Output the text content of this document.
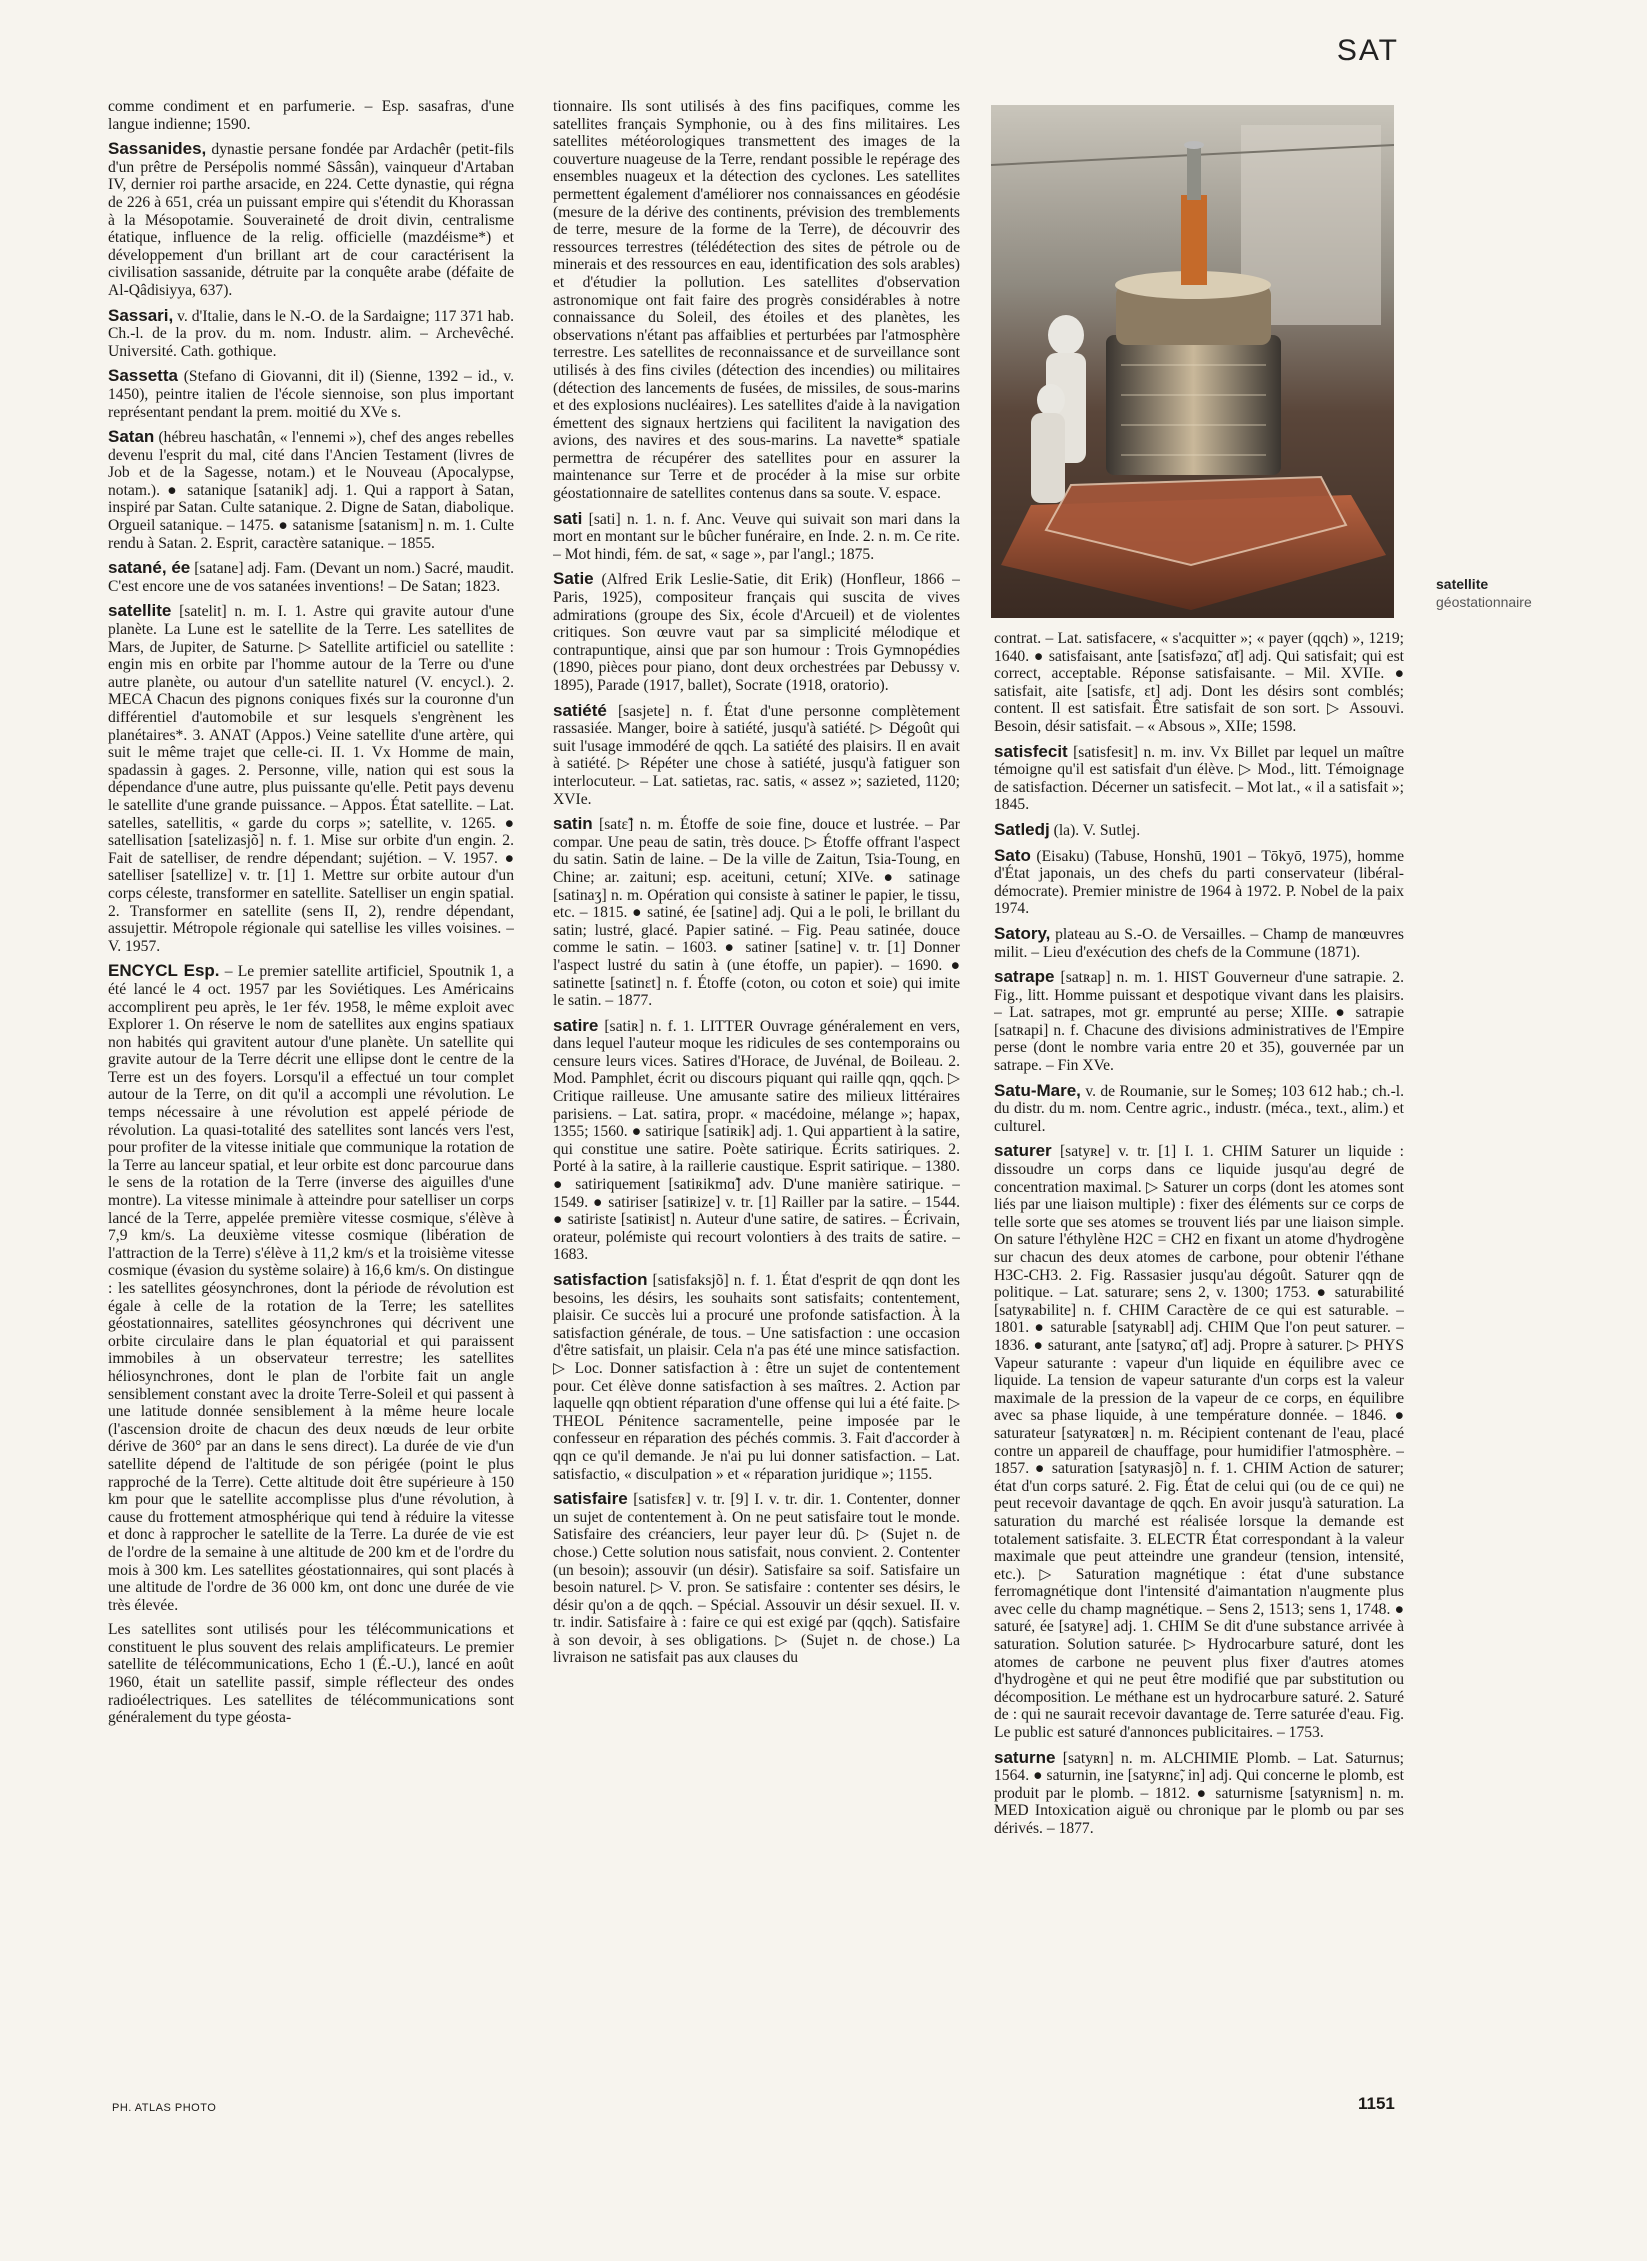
SAT

comme condiment et en parfumerie. – Esp. sasafras, d'une langue indienne; 1590.

Sassanides, dynastie persane fondée par Ardachêr (petit-fils d'un prêtre de Persépolis nommé Sâssân), vainqueur d'Artaban IV, dernier roi parthe arsacide, en 224. Cette dynastie, qui régna de 226 à 651, créa un puissant empire qui s'étendit du Khorassan à la Mésopotamie. Souveraineté de droit divin, centralisme étatique, influence de la relig. officielle (mazdéisme*) et développement d'un brillant art de cour caractérisent la civilisation sassanide, détruite par la conquête arabe (défaite de Al-Qâdisiyya, 637).

Sassari, v. d'Italie, dans le N.-O. de la Sardaigne; 117 371 hab. Ch.-l. de la prov. du m. nom. Industr. alim. – Archevêché. Université. Cath. gothique.

Sassetta (Stefano di Giovanni, dit il) (Sienne, 1392 – id., v. 1450), peintre italien de l'école siennoise, son plus important représentant pendant la prem. moitié du XVe s.

Satan (hébreu haschatân, « l'ennemi »), chef des anges rebelles devenu l'esprit du mal, cité dans l'Ancien Testament (livres de Job et de la Sagesse, notam.) et le Nouveau (Apocalypse, notam.). ● satanique [satanik] adj. 1. Qui a rapport à Satan, inspiré par Satan. Culte satanique. 2. Digne de Satan, diabolique. Orgueil satanique. – 1475. ● satanisme [satanism] n. m. 1. Culte rendu à Satan. 2. Esprit, caractère satanique. – 1855.

satané, ée [satane] adj. Fam. (Devant un nom.) Sacré, maudit. C'est encore une de vos satanées inventions! – De Satan; 1823.

satellite [satelit] n. m. I. 1. Astre qui gravite autour d'une planète. La Lune est le satellite de la Terre. Les satellites de Mars, de Jupiter, de Saturne. ▷ Satellite artificiel ou satellite : engin mis en orbite par l'homme autour de la Terre ou d'une autre planète, ou autour d'un satellite naturel (V. encycl.). 2. MECA Chacun des pignons coniques fixés sur la couronne d'un différentiel d'automobile et sur lesquels s'engrènent les planétaires*. 3. ANAT (Appos.) Veine satellite d'une artère, qui suit le même trajet que celle-ci. II. 1. Vx Homme de main, spadassin à gages. 2. Personne, ville, nation qui est sous la dépendance d'une autre, plus puissante qu'elle. Petit pays devenu le satellite d'une grande puissance. – Appos. État satellite. – Lat. satelles, satellitis, « garde du corps »; satellite, v. 1265. ● satellisation [satelizasjõ] n. f. 1. Mise sur orbite d'un engin. 2. Fait de satelliser, de rendre dépendant; sujétion. – V. 1957. ● satelliser [satellize] v. tr. [1] 1. Mettre sur orbite autour d'un corps céleste, transformer en satellite. Satelliser un engin spatial. 2. Transformer en satellite (sens II, 2), rendre dépendant, assujettir. Métropole régionale qui satellise les villes voisines. – V. 1957.

ENCYCL Esp. – Le premier satellite artificiel, Spoutnik 1, a été lancé le 4 oct. 1957 par les Soviétiques. Les Américains accomplirent peu après, le 1er fév. 1958, le même exploit avec Explorer 1. On réserve le nom de satellites aux engins spatiaux non habités qui gravitent autour d'une planète. Un satellite qui gravite autour de la Terre décrit une ellipse dont le centre de la Terre est un des foyers. Lorsqu'il a effectué un tour complet autour de la Terre, on dit qu'il a accompli une révolution. Le temps nécessaire à une révolution est appelé période de révolution. La quasi-totalité des satellites sont lancés vers l'est, pour profiter de la vitesse initiale que communique la rotation de la Terre au lanceur spatial, et leur orbite est donc parcourue dans le sens de la rotation de la Terre (inverse des aiguilles d'une montre). La vitesse minimale à atteindre pour satelliser un corps lancé de la Terre, appelée première vitesse cosmique, s'élève à 7,9 km/s. La deuxième vitesse cosmique (libération de l'attraction de la Terre) s'élève à 11,2 km/s et la troisième vitesse cosmique (évasion du système solaire) à 16,6 km/s. On distingue : les satellites géosynchrones, dont la période de révolution est égale à celle de la rotation de la Terre; les satellites géostationnaires, satellites géosynchrones qui décrivent une orbite circulaire dans le plan équatorial et qui paraissent immobiles à un observateur terrestre; les satellites héliosynchrones, dont le plan de l'orbite fait un angle sensiblement constant avec la droite Terre-Soleil et qui passent à une latitude donnée sensiblement à la même heure locale (l'ascension droite de chacun des deux nœuds de leur orbite dérive de 360° par an dans le sens direct). La durée de vie d'un satellite dépend de l'altitude de son périgée (point le plus rapproché de la Terre). Cette altitude doit être supérieure à 150 km pour que le satellite accomplisse plus d'une révolution, à cause du frottement atmosphérique qui tend à réduire la vitesse et donc à rapprocher le satellite de la Terre. La durée de vie est de l'ordre de la semaine à une altitude de 200 km et de l'ordre du mois à 300 km. Les satellites géostationnaires, qui sont placés à une altitude de l'ordre de 36 000 km, ont donc une durée de vie très élevée.

Les satellites sont utilisés pour les télécommunications et constituent le plus souvent des relais amplificateurs. Le premier satellite de télécommunications, Echo 1 (É.-U.), lancé en août 1960, était un satellite passif, simple réflecteur des ondes radioélectriques. Les satellites de télécommunications sont généralement du type géosta-

tionnaire. Ils sont utilisés à des fins pacifiques, comme les satellites français Symphonie, ou à des fins militaires. Les satellites météorologiques transmettent des images de la couverture nuageuse de la Terre, rendant possible le repérage des ensembles nuageux et la détection des cyclones. Les satellites permettent également d'améliorer nos connaissances en géodésie (mesure de la dérive des continents, prévision des tremblements de terre, mesure de la forme de la Terre), de découvrir des ressources terrestres (télédétection des sites de pétrole ou de minerais et des ressources en eau, identification des sols arables) et d'étudier la pollution. Les satellites d'observation astronomique ont fait faire des progrès considérables à notre connaissance du Soleil, des étoiles et des planètes, les observations n'étant pas affaiblies et perturbées par l'atmosphère terrestre. Les satellites de reconnaissance et de surveillance sont utilisés à des fins civiles (détection des incendies) ou militaires (détection des lancements de fusées, de missiles, de sous-marins et des explosions nucléaires). Les satellites d'aide à la navigation émettent des signaux hertziens qui facilitent la navigation des avions, des navires et des sous-marins. La navette* spatiale permettra de récupérer des satellites pour en assurer la maintenance sur Terre et de procéder à la mise sur orbite géostationnaire de satellites contenus dans sa soute. V. espace.

sati [sati] n. 1. n. f. Anc. Veuve qui suivait son mari dans la mort en montant sur le bûcher funéraire, en Inde. 2. n. m. Ce rite. – Mot hindi, fém. de sat, « sage », par l'angl.; 1875.

Satie (Alfred Erik Leslie-Satie, dit Erik) (Honfleur, 1866 – Paris, 1925), compositeur français qui suscita de vives admirations (groupe des Six, école d'Arcueil) et de violentes critiques. Son œuvre vaut par sa simplicité mélodique et contrapuntique, ainsi que par son humour : Trois Gymnopédies (1890, pièces pour piano, dont deux orchestrées par Debussy v. 1895), Parade (1917, ballet), Socrate (1918, oratorio).

satiété [sasjete] n. f. État d'une personne complètement rassasiée. Manger, boire à satiété, jusqu'à satiété. ▷ Dégoût qui suit l'usage immodéré de qqch. La satiété des plaisirs. Il en avait à satiété. ▷ Répéter une chose à satiété, jusqu'à fatiguer son interlocuteur. – Lat. satietas, rac. satis, « assez »; sazieted, 1120; XVIe.

satin [satɛ̃] n. m. Étoffe de soie fine, douce et lustrée. – Par compar. Une peau de satin, très douce. ▷ Étoffe offrant l'aspect du satin. Satin de laine. – De la ville de Zaitun, Tsia-Toung, en Chine; ar. zaituni; esp. aceituni, cetuní; XIVe. ● satinage [satinaʒ] n. m. Opération qui consiste à satiner le papier, le tissu, etc. – 1815. ● satiné, ée [satine] adj. Qui a le poli, le brillant du satin; lustré, glacé. Papier satiné. – Fig. Peau satinée, douce comme le satin. – 1603. ● satiner [satine] v. tr. [1] Donner l'aspect lustré du satin à (une étoffe, un papier). – 1690. ● satinette [satinɛt] n. f. Étoffe (coton, ou coton et soie) qui imite le satin. – 1877.

satire [satiʀ] n. f. 1. LITTER Ouvrage généralement en vers, dans lequel l'auteur moque les ridicules de ses contemporains ou censure leurs vices. Satires d'Horace, de Juvénal, de Boileau. 2. Mod. Pamphlet, écrit ou discours piquant qui raille qqn, qqch. ▷ Critique railleuse. Une amusante satire des milieux littéraires parisiens. – Lat. satira, propr. « macédoine, mélange »; hapax, 1355; 1560. ● satirique [satiʀik] adj. 1. Qui appartient à la satire, qui constitue une satire. Poète satirique. Écrits satiriques. 2. Porté à la satire, à la raillerie caustique. Esprit satirique. – 1380. ● satiriquement [satiʀikmɑ̃] adv. D'une manière satirique. – 1549. ● satiriser [satiʀize] v. tr. [1] Railler par la satire. – 1544. ● satiriste [satiʀist] n. Auteur d'une satire, de satires. – Écrivain, orateur, polémiste qui recourt volontiers à des traits de satire. – 1683.

satisfaction [satisfaksjõ] n. f. 1. État d'esprit de qqn dont les besoins, les désirs, les souhaits sont satisfaits; contentement, plaisir. Ce succès lui a procuré une profonde satisfaction. À la satisfaction générale, de tous. – Une satisfaction : une occasion d'être satisfait, un plaisir. Cela n'a pas été une mince satisfaction. ▷ Loc. Donner satisfaction à : être un sujet de contentement pour. Cet élève donne satisfaction à ses maîtres. 2. Action par laquelle qqn obtient réparation d'une offense qui lui a été faite. ▷ THEOL Pénitence sacramentelle, peine imposée par le confesseur en réparation des péchés commis. 3. Fait d'accorder à qqn ce qu'il demande. Je n'ai pu lui donner satisfaction. – Lat. satisfactio, « disculpation » et « réparation juridique »; 1155.

satisfaire [satisfɛʀ] v. tr. [9] I. v. tr. dir. 1. Contenter, donner un sujet de contentement à. On ne peut satisfaire tout le monde. Satisfaire des créanciers, leur payer leur dû. ▷ (Sujet n. de chose.) Cette solution nous satisfait, nous convient. 2. Contenter (un besoin); assouvir (un désir). Satisfaire sa soif. Satisfaire un besoin naturel. ▷ V. pron. Se satisfaire : contenter ses désirs, le désir qu'on a de qqch. – Spécial. Assouvir un désir sexuel. II. v. tr. indir. Satisfaire à : faire ce qui est exigé par (qqch). Satisfaire à son devoir, à ses obligations. ▷ (Sujet n. de chose.) La livraison ne satisfait pas aux clauses du

satellite
géostationnaire

contrat. – Lat. satisfacere, « s'acquitter »; « payer (qqch) », 1219; 1640. ● satisfaisant, ante [satisfəzɑ̃, ɑ̃t] adj. Qui satisfait; qui est correct, acceptable. Réponse satisfaisante. – Mil. XVIIe. ● satisfait, aite [satisfɛ, ɛt] adj. Dont les désirs sont comblés; content. Il est satisfait. Être satisfait de son sort. ▷ Assouvi. Besoin, désir satisfait. – « Absous », XIIe; 1598.

satisfecit [satisfesit] n. m. inv. Vx Billet par lequel un maître témoigne qu'il est satisfait d'un élève. ▷ Mod., litt. Témoignage de satisfaction. Décerner un satisfecit. – Mot lat., « il a satisfait »; 1845.

Satledj (la). V. Sutlej.

Sato (Eisaku) (Tabuse, Honshū, 1901 – Tōkyō, 1975), homme d'État japonais, un des chefs du parti conservateur (libéral-démocrate). Premier ministre de 1964 à 1972. P. Nobel de la paix 1974.

Satory, plateau au S.-O. de Versailles. – Champ de manœuvres milit. – Lieu d'exécution des chefs de la Commune (1871).

satrape [satʀap] n. m. 1. HIST Gouverneur d'une satrapie. 2. Fig., litt. Homme puissant et despotique vivant dans les plaisirs. – Lat. satrapes, mot gr. emprunté au perse; XIIIe. ● satrapie [satʀapi] n. f. Chacune des divisions administratives de l'Empire perse (dont le nombre varia entre 20 et 35), gouvernée par un satrape. – Fin XVe.

Satu-Mare, v. de Roumanie, sur le Someș; 103 612 hab.; ch.-l. du distr. du m. nom. Centre agric., industr. (méca., text., alim.) et culturel.

saturer [satyʀe] v. tr. [1] I. 1. CHIM Saturer un liquide : dissoudre un corps dans ce liquide jusqu'au degré de concentration maximal. ▷ Saturer un corps (dont les atomes sont liés par une liaison multiple) : fixer des éléments sur ce corps de telle sorte que ses atomes se trouvent liés par une liaison simple. On sature l'éthylène H2C = CH2 en fixant un atome d'hydrogène sur chacun des deux atomes de carbone, pour obtenir l'éthane H3C-CH3. 2. Fig. Rassasier jusqu'au dégoût. Saturer qqn de politique. – Lat. saturare; sens 2, v. 1300; 1753. ● saturabilité [satyʀabilite] n. f. CHIM Caractère de ce qui est saturable. – 1801. ● saturable [satyʀabl] adj. CHIM Que l'on peut saturer. – 1836. ● saturant, ante [satyʀɑ̃, ɑ̃t] adj. Propre à saturer. ▷ PHYS Vapeur saturante : vapeur d'un liquide en équilibre avec ce liquide. La tension de vapeur saturante d'un corps est la valeur maximale de la pression de la vapeur de ce corps, en équilibre avec sa phase liquide, à une température donnée. – 1846. ● saturateur [satyʀatœʀ] n. m. Récipient contenant de l'eau, placé contre un appareil de chauffage, pour humidifier l'atmosphère. – 1857. ● saturation [satyʀasjõ] n. f. 1. CHIM Action de saturer; état d'un corps saturé. 2. Fig. État de celui qui (ou de ce qui) ne peut recevoir davantage de qqch. En avoir jusqu'à saturation. La saturation du marché est réalisée lorsque la demande est totalement satisfaite. 3. ELECTR État correspondant à la valeur maximale que peut atteindre une grandeur (tension, intensité, etc.). ▷ Saturation magnétique : état d'une substance ferromagnétique dont l'intensité d'aimantation n'augmente plus avec celle du champ magnétique. – Sens 2, 1513; sens 1, 1748. ● saturé, ée [satyʀe] adj. 1. CHIM Se dit d'une substance arrivée à saturation. Solution saturée. ▷ Hydrocarbure saturé, dont les atomes de carbone ne peuvent plus fixer d'autres atomes d'hydrogène et qui ne peut être modifié que par substitution ou décomposition. Le méthane est un hydrocarbure saturé. 2. Saturé de : qui ne saurait recevoir davantage de. Terre saturée d'eau. Fig. Le public est saturé d'annonces publicitaires. – 1753.

saturne [satyʀn] n. m. ALCHIMIE Plomb. – Lat. Saturnus; 1564. ● saturnin, ine [satyʀnɛ̃, in] adj. Qui concerne le plomb, est produit par le plomb. – 1812. ● saturnisme [satyʀnism] n. m. MED Intoxication aiguë ou chronique par le plomb ou par ses dérivés. – 1877.

PH. ATLAS PHOTO	1151
